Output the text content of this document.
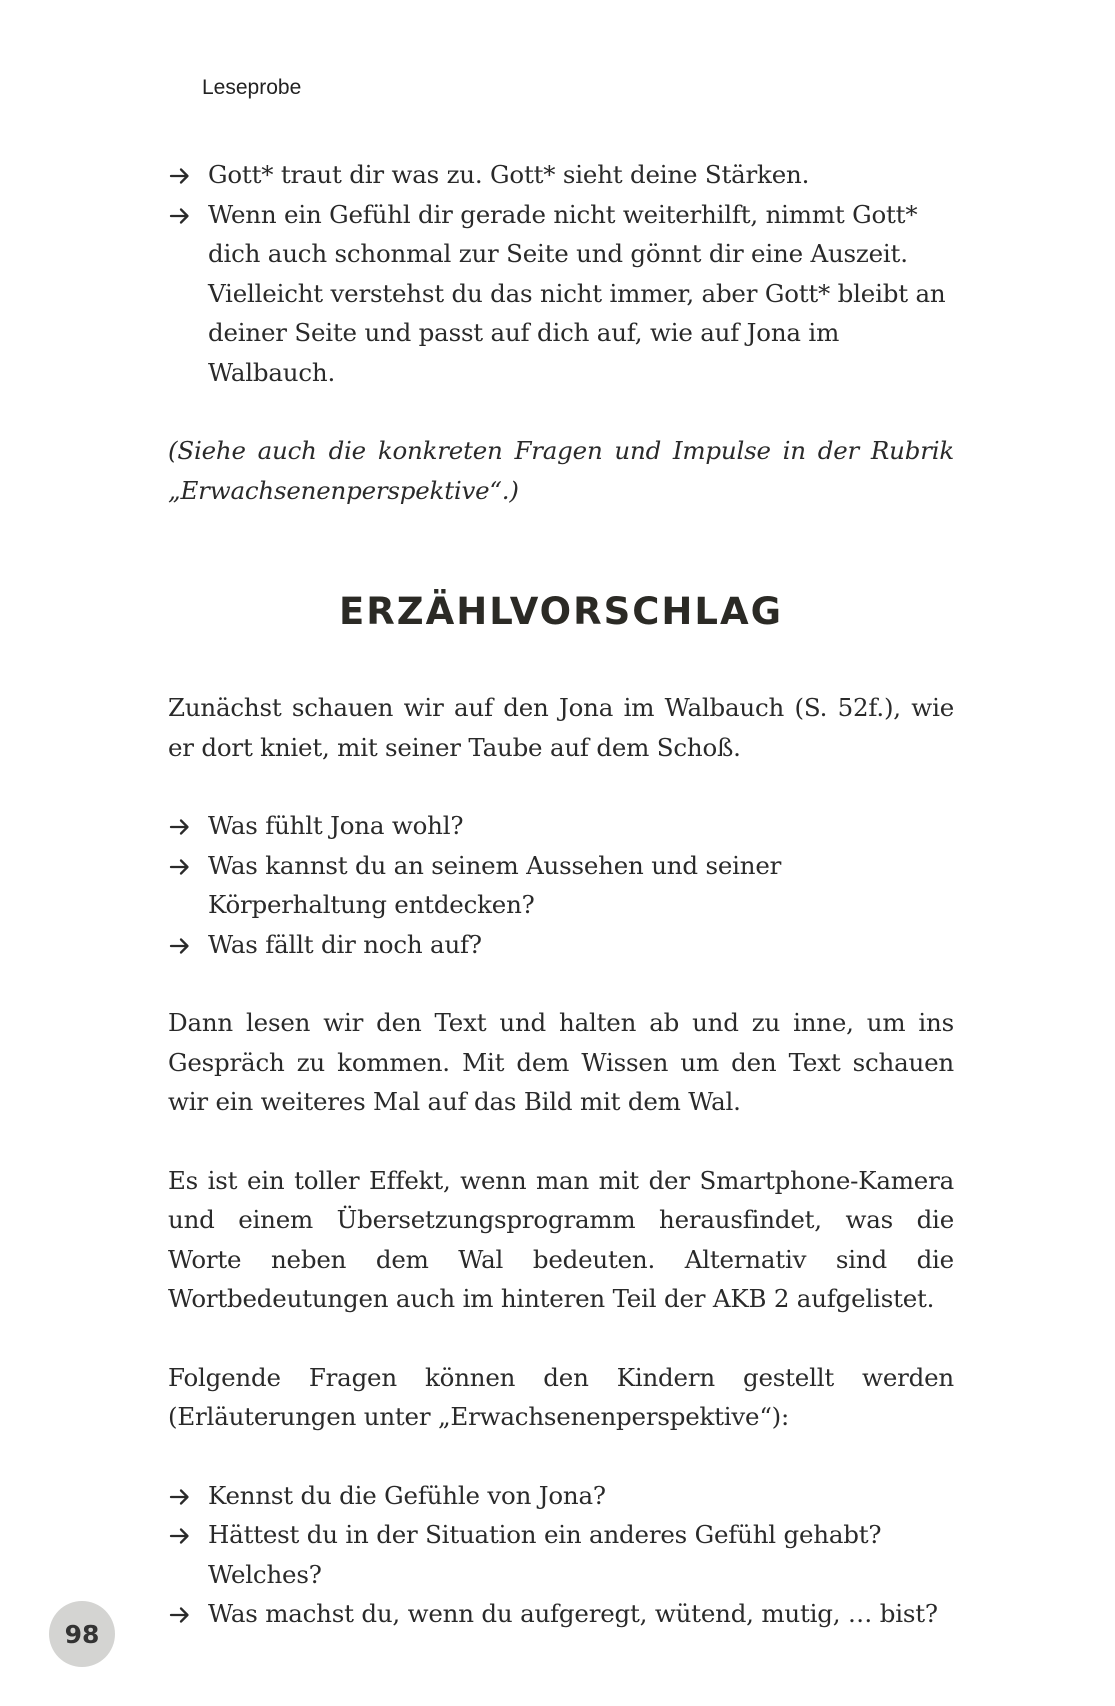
Leseprobe
Gott* traut dir was zu. Gott* sieht deine Stärken.
Wenn ein Gefühl dir gerade nicht weiterhilft, nimmt Gott* dich auch schonmal zur Seite und gönnt dir eine Auszeit. Vielleicht verstehst du das nicht immer, aber Gott* bleibt an deiner Seite und passt auf dich auf, wie auf Jona im Walbauch.

(Siehe auch die konkreten Fragen und Impulse in der Rubrik „Erwachsenenperspektive“.)

ERZÄHLVORSCHLAG

Zunächst schauen wir auf den Jona im Walbauch (S. 52f.), wie er dort kniet, mit seiner Taube auf dem Schoß.

Was fühlt Jona wohl?
Was kannst du an seinem Aussehen und seiner Körperhaltung entdecken?
Was fällt dir noch auf?

Dann lesen wir den Text und halten ab und zu inne, um ins Gespräch zu kommen. Mit dem Wissen um den Text schauen wir ein weiteres Mal auf das Bild mit dem Wal.

Es ist ein toller Effekt, wenn man mit der Smartphone-Kamera und einem Übersetzungsprogramm herausfindet, was die Worte neben dem Wal bedeuten. Alternativ sind die Wortbedeutungen auch im hinteren Teil der AKB 2 aufgelistet.

Folgende Fragen können den Kindern gestellt werden (Erläuterungen unter „Erwachsenenperspektive“):

Kennst du die Gefühle von Jona?
Hättest du in der Situation ein anderes Gefühl gehabt? Welches?
Was machst du, wenn du aufgeregt, wütend, mutig, … bist?
98
